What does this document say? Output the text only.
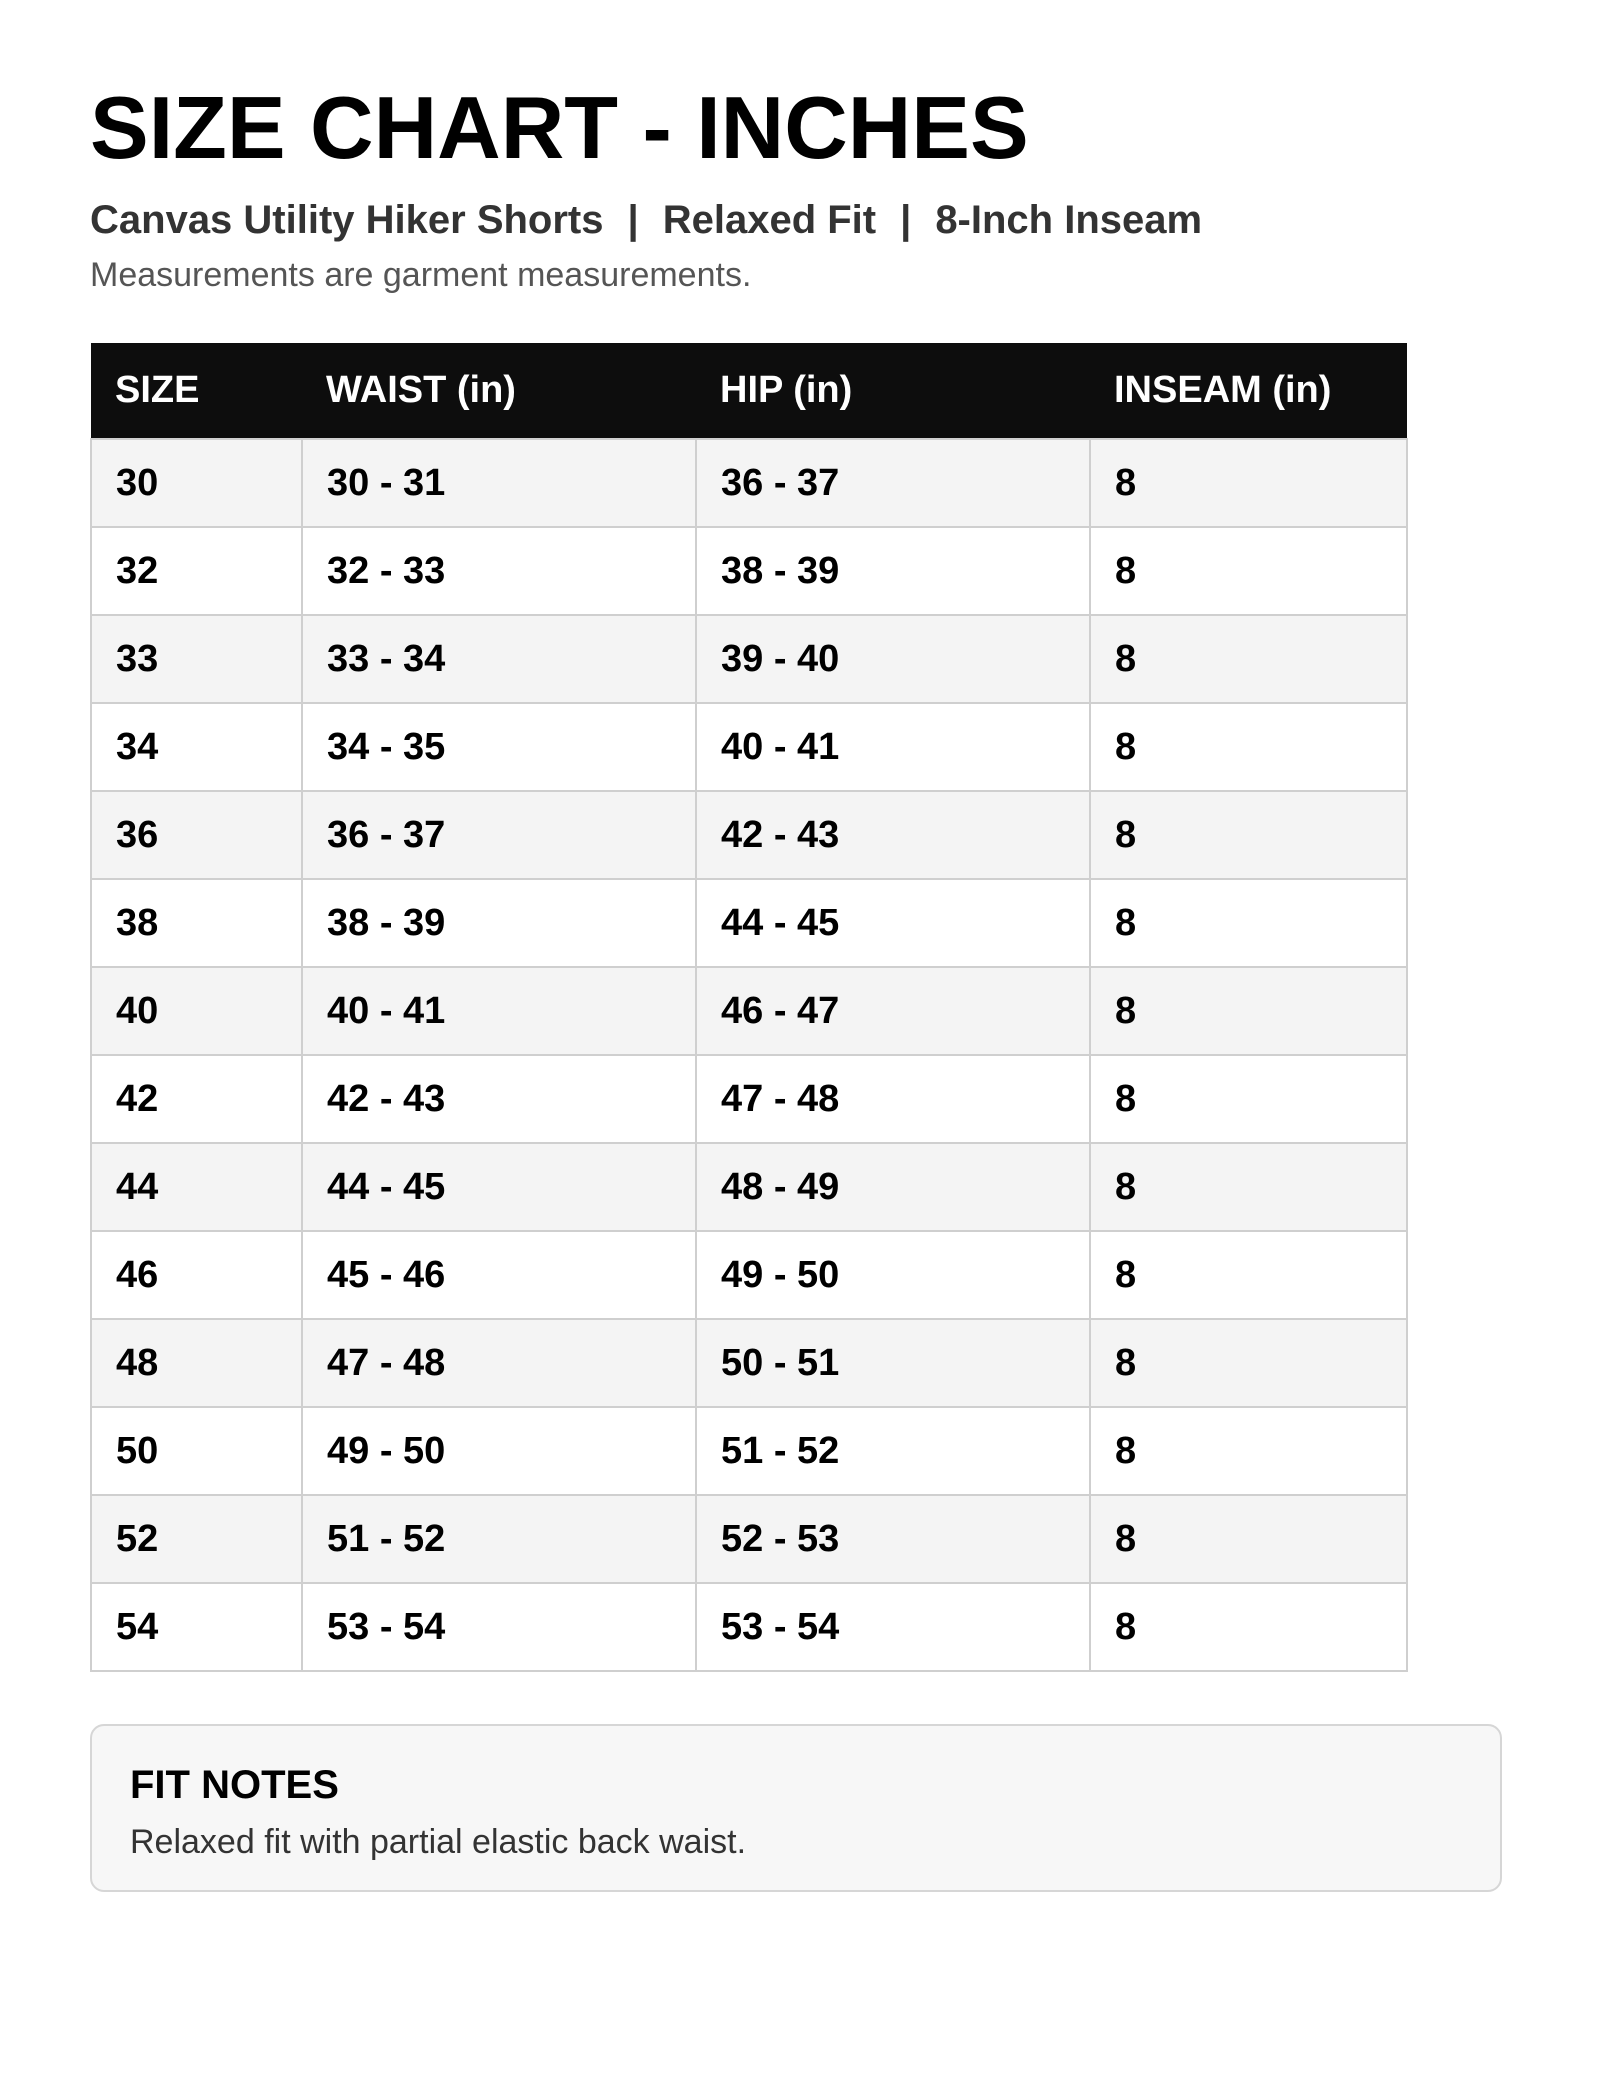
SIZE CHART - INCHES
Canvas Utility Hiker Shorts | Relaxed Fit | 8-Inch Inseam

Measurements are garment measurements.

SIZE	WAIST (in)	HIP (in)	INSEAM (in)
30	30 - 31	36 - 37	8
32	32 - 33	38 - 39	8
33	33 - 34	39 - 40	8
34	34 - 35	40 - 41	8
36	36 - 37	42 - 43	8
38	38 - 39	44 - 45	8
40	40 - 41	46 - 47	8
42	42 - 43	47 - 48	8
44	44 - 45	48 - 49	8
46	45 - 46	49 - 50	8
48	47 - 48	50 - 51	8
50	49 - 50	51 - 52	8
52	51 - 52	52 - 53	8
54	53 - 54	53 - 54	8
FIT NOTES

Relaxed fit with partial elastic back waist.
